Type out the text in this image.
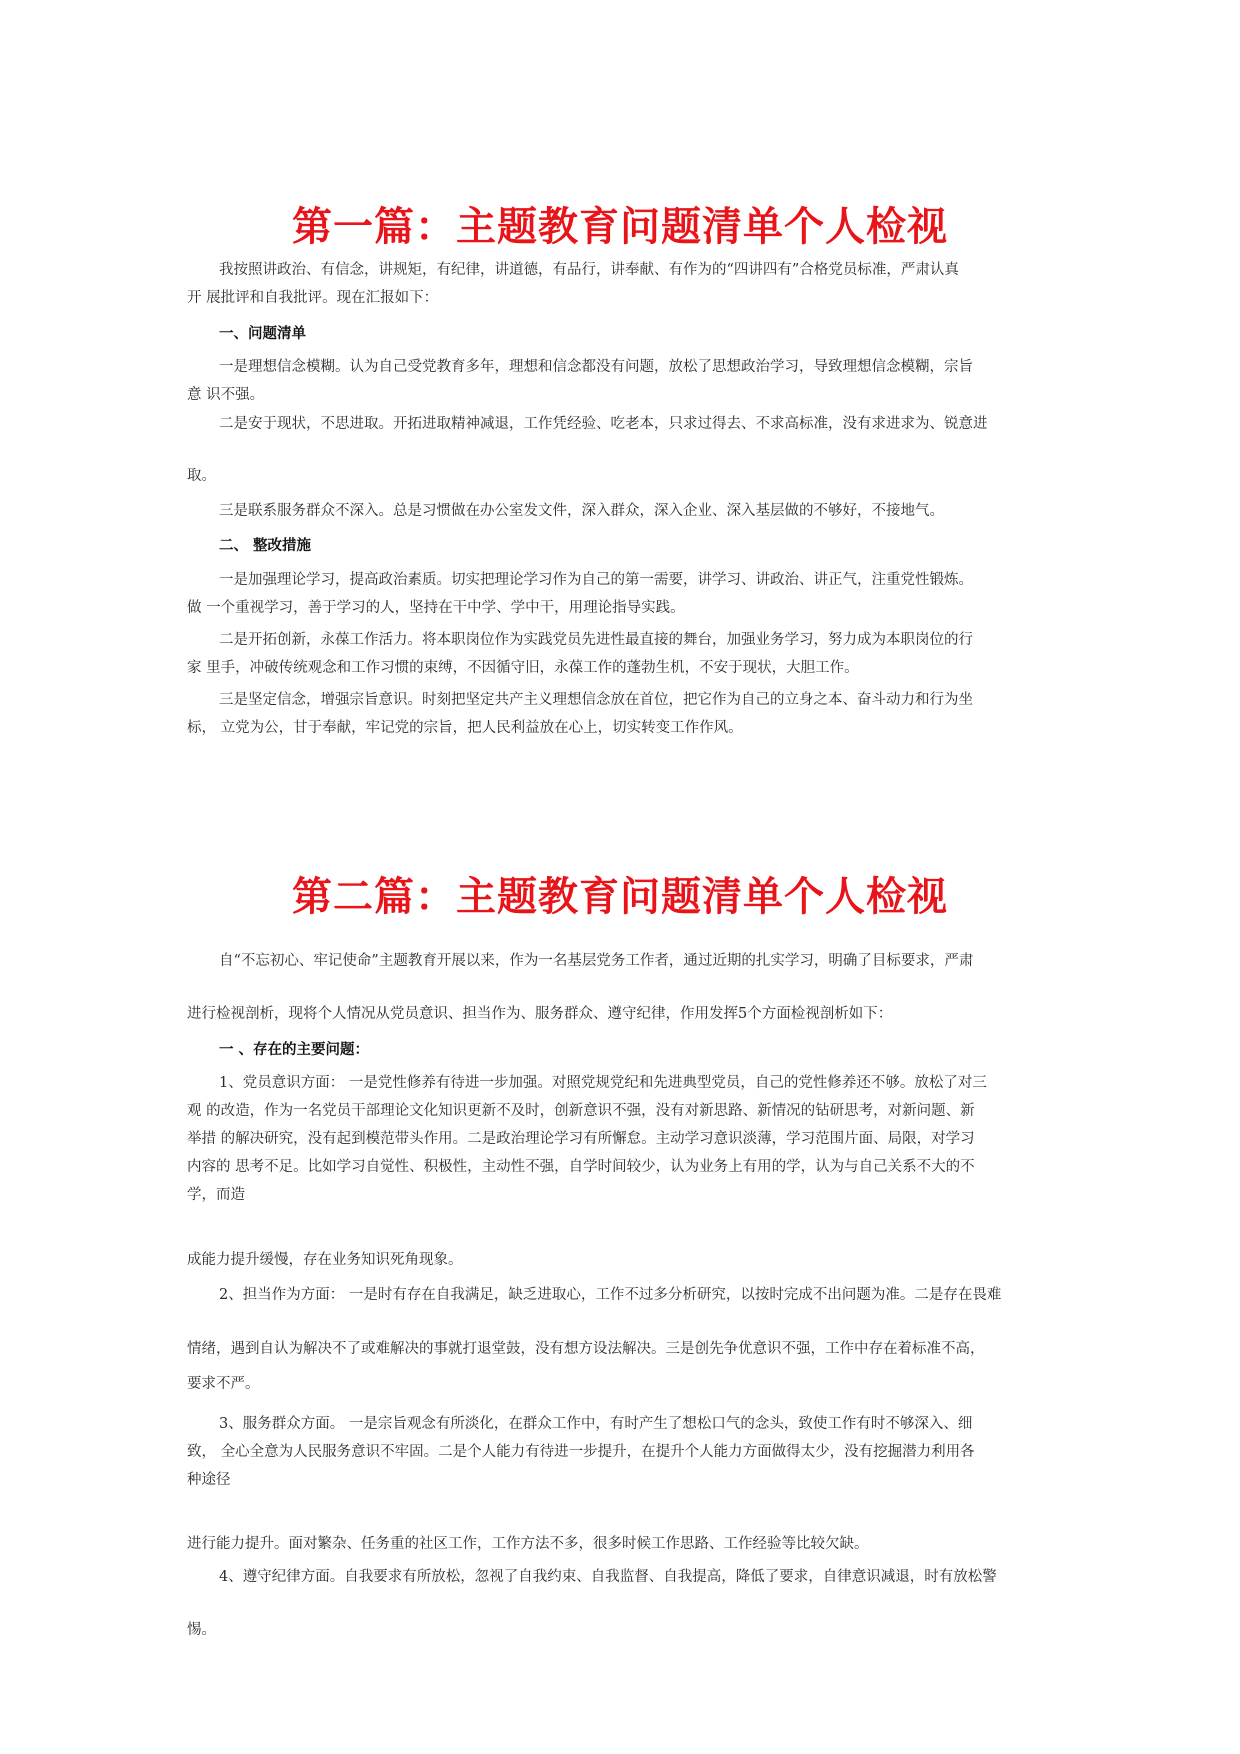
第一篇：主题教育问题清单个人检视

我按照讲政治、有信念，讲规矩，有纪律，讲道德，有品行，讲奉献、有作为的“四讲四有”合格党员标准，严肃认真
开 展批评和自我批评。现在汇报如下：

一、问题清单

一是理想信念模糊。认为自己受党教育多年，理想和信念都没有问题，放松了思想政治学习，导致理想信念模糊，宗旨
意 识不强。

二是安于现状，不思进取。开拓进取精神减退，工作凭经验、吃老本，只求过得去、不求高标准，没有求进求为、锐意进

取。

三是联系服务群众不深入。总是习惯做在办公室发文件，深入群众，深入企业、深入基层做的不够好，不接地气。

二、 整改措施

一是加强理论学习，提高政治素质。切实把理论学习作为自己的第一需要，讲学习、讲政治、讲正气，注重党性锻炼。
做 一个重视学习，善于学习的人，坚持在干中学、学中干，用理论指导实践。

二是开拓创新，永葆工作活力。将本职岗位作为实践党员先进性最直接的舞台，加强业务学习，努力成为本职岗位的行
家 里手，冲破传统观念和工作习惯的束缚，不因循守旧，永葆工作的蓬勃生机，不安于现状，大胆工作。

三是坚定信念，增强宗旨意识。时刻把坚定共产主义理想信念放在首位，把它作为自己的立身之本、奋斗动力和行为坐
标， 立党为公，甘于奉献，牢记党的宗旨，把人民利益放在心上，切实转变工作作风。

第二篇：主题教育问题清单个人检视

自“不忘初心、牢记使命”主题教育开展以来，作为一名基层党务工作者，通过近期的扎实学习，明确了目标要求，严肃

进行检视剖析，现将个人情况从党员意识、担当作为、服务群众、遵守纪律，作用发挥5个方面检视剖析如下：

一 、存在的主要问题：

1、党员意识方面： 一是党性修养有待进一步加强。对照党规党纪和先进典型党员，自己的党性修养还不够。放松了对三
观 的改造，作为一名党员干部理论文化知识更新不及时，创新意识不强，没有对新思路、新情况的钻研思考，对新问题、新
举措 的解决研究，没有起到模范带头作用。二是政治理论学习有所懈怠。主动学习意识淡薄，学习范围片面、局限，对学习
内容的 思考不足。比如学习自觉性、积极性，主动性不强，自学时间较少，认为业务上有用的学，认为与自己关系不大的不
学，而造

成能力提升缓慢，存在业务知识死角现象。

2、担当作为方面： 一是时有存在自我满足，缺乏进取心，工作不过多分析研究，以按时完成不出问题为准。二是存在畏难

情绪，遇到自认为解决不了或难解决的事就打退堂鼓，没有想方设法解决。三是创先争优意识不强，工作中存在着标准不高，

要求不严。

3、服务群众方面。 一是宗旨观念有所淡化，在群众工作中，有时产生了想松口气的念头，致使工作有时不够深入、细
致， 全心全意为人民服务意识不牢固。二是个人能力有待进一步提升，在提升个人能力方面做得太少，没有挖掘潜力利用各
种途径

进行能力提升。面对繁杂、任务重的社区工作，工作方法不多，很多时候工作思路、工作经验等比较欠缺。

4、遵守纪律方面。自我要求有所放松，忽视了自我约束、自我监督、自我提高，降低了要求，自律意识减退，时有放松警

惕。
